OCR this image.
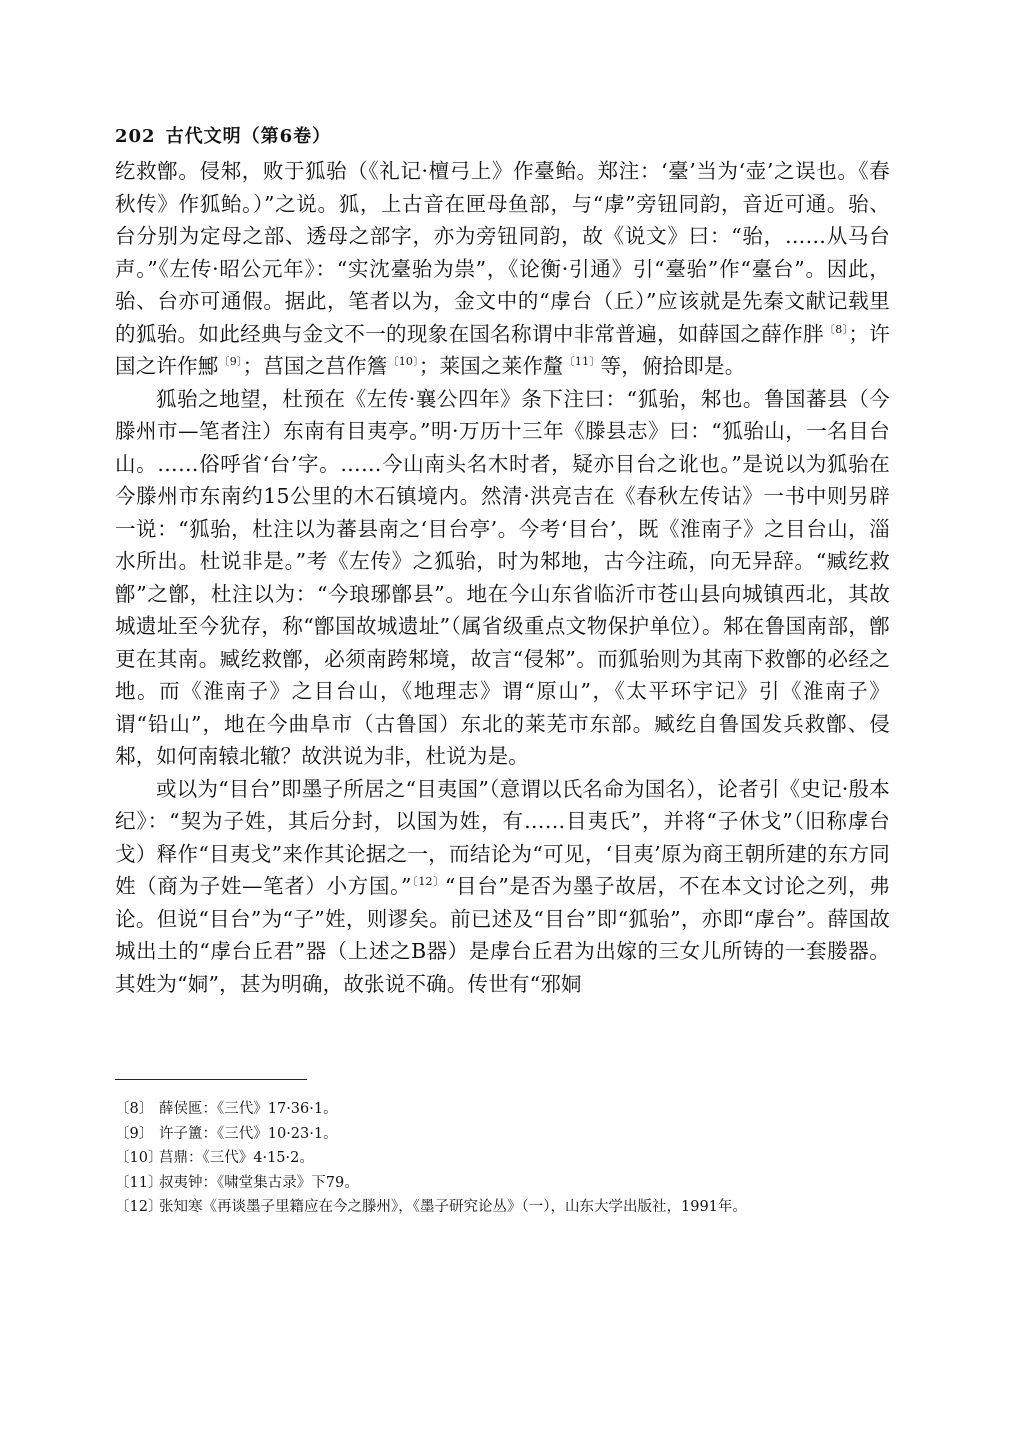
202 古代文明（第6卷）

纥救鄫。侵邾，败于狐骀（《礼记·檀弓上》作臺鲐。郑注：‘臺’当为‘壶’之误也。《春秋传》作狐鲐。）”之说。狐，上古音在匣母鱼部，与“虖”旁钮同韵，音近可通。骀、台分别为定母之部、透母之部字，亦为旁钮同韵，故《说文》曰：“骀，……从马台声。”《左传·昭公元年》：“实沈臺骀为祟”，《论衡·引通》引“臺骀”作“臺台”。因此，骀、台亦可通假。据此，笔者以为，金文中的“虖台（丘）”应该就是先秦文献记载里的狐骀。如此经典与金文不一的现象在国名称谓中非常普遍，如薛国之薛作胖$^{〔8〕}$；许国之许作鄦$^{〔9〕}$；莒国之莒作簷$^{〔10〕}$；莱国之莱作釐$^{〔11〕}$等，俯拾即是。

狐骀之地望，杜预在《左传·襄公四年》条下注曰：“狐骀，邾也。鲁国蕃县（今滕州市—笔者注）东南有目夷亭。”明·万历十三年《滕县志》曰：“狐骀山，一名目台山。……俗呼省‘台’字。……今山南头名木时者，疑亦目台之讹也。”是说以为狐骀在今滕州市东南约15公里的木石镇境内。然清·洪亮吉在《春秋左传诂》一书中则另辟一说：“狐骀，杜注以为蕃县南之‘目台亭’。今考‘目台’，既《淮南子》之目台山，淄水所出。杜说非是。”考《左传》之狐骀，时为邾地，古今注疏，向无异辞。“臧纥救鄫”之鄫，杜注以为：“今琅琊鄫县”。地在今山东省临沂市苍山县向城镇西北，其故城遗址至今犹存，称“鄫国故城遗址”（属省级重点文物保护单位）。邾在鲁国南部，鄫更在其南。臧纥救鄫，必须南跨邾境，故言“侵邾”。而狐骀则为其南下救鄫的必经之地。而《淮南子》之目台山，《地理志》谓“原山”，《太平环宇记》引《淮南子》谓“铅山”，地在今曲阜市（古鲁国）东北的莱芜市东部。臧纥自鲁国发兵救鄫、侵邾，如何南辕北辙？故洪说为非，杜说为是。

或以为“目台”即墨子所居之“目夷国”（意谓以氏名命为国名），论者引《史记·殷本纪》：“契为子姓，其后分封，以国为姓，有……目夷氏”，并将“子休戈”（旧称虖台戈）释作“目夷戈”来作其论据之一，而结论为“可见，‘目夷’原为商王朝所建的东方同姓（商为子姓—笔者）小方国。”$^{〔12〕}$“目台”是否为墨子故居，不在本文讨论之列，弗论。但说“目台”为“子”姓，则谬矣。前已述及“目台”即“狐骀”，亦即“虖台”。薛国故城出土的“虖台丘君”器（上述之B器）是虖台丘君为出嫁的三女儿所铸的一套媵器。其姓为“姛”，甚为明确，故张说不确。传世有“邪姛

〔8〕 薛侯匜：《三代》17·36·1。
〔9〕 许子簠：《三代》10·23·1。
〔10〕莒鼎：《三代》4·15·2。
〔11〕叔夷钟：《啸堂集古录》下79。
〔12〕张知寒《再谈墨子里籍应在今之滕州》，《墨子研究论丛》（一），山东大学出版社，1991年。
